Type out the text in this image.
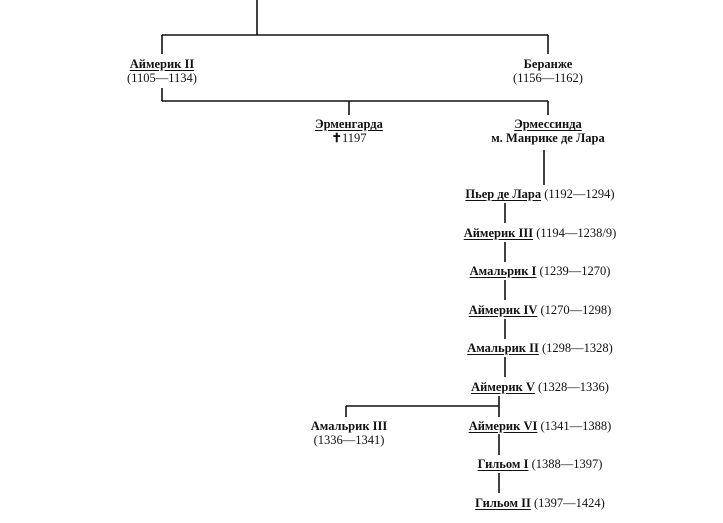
Аймерик II
(1105—1134)
Беранже
(1156—1162)
Эрменгарда
✝1197
Эрмессинда
м. Манрике де Лара
Пьер де Лара (1192—1294)
Аймерик III (1194—1238/9)
Амальрик I (1239—1270)
Аймерик IV (1270—1298)
Амальрик II (1298—1328)
Аймерик V (1328—1336)
Амальрик III
(1336—1341)
Аймерик VI (1341—1388)
Гильом I (1388—1397)
Гильом II (1397—1424)
